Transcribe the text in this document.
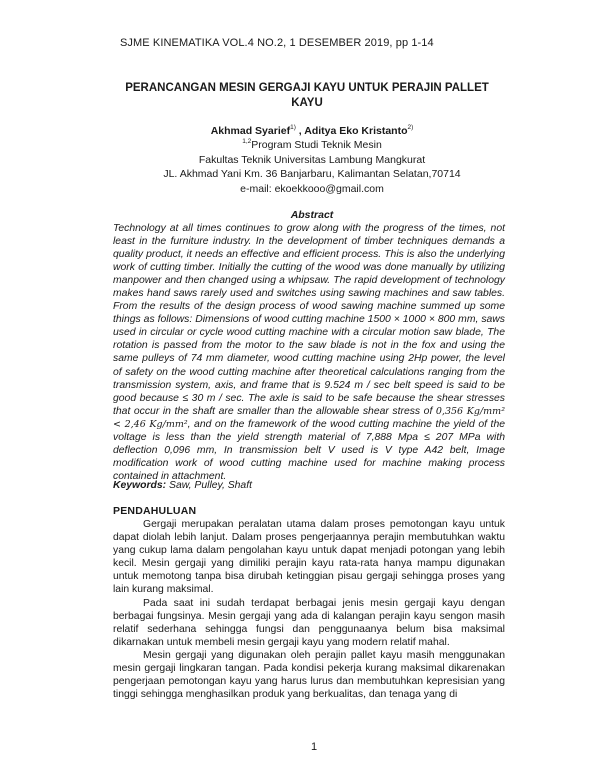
SJME KINEMATIKA VOL.4 NO.2, 1 DESEMBER 2019, pp 1-14
PERANCANGAN MESIN GERGAJI KAYU UNTUK PERAJIN PALLET KAYU
Akhmad Syarief$^{1)}$ , Aditya Eko Kristanto$^{2)}$
$^{1,2}$Program Studi Teknik Mesin
Fakultas Teknik Universitas Lambung Mangkurat
JL. Akhmad Yani Km. 36 Banjarbaru, Kalimantan Selatan,70714
e-mail: ekoekkooo@gmail.com
Abstract

Technology at all times continues to grow along with the progress of the times, not least in the furniture industry. In the development of timber techniques demands a quality product, it needs an effective and efficient process. This is also the underlying work of cutting timber. Initially the cutting of the wood was done manually by utilizing manpower and then changed using a whipsaw. The rapid development of technology makes hand saws rarely used and switches using sawing machines and saw tables. From the results of the design process of wood sawing machine summed up some things as follows: Dimensions of wood cutting machine 1500 × 1000 × 800 mm, saws used in circular or cycle wood cutting machine with a circular motion saw blade, The rotation is passed from the motor to the saw blade is not in the fox and using the same pulleys of 74 mm diameter, wood cutting machine using 2Hp power, the level of safety on the wood cutting machine after theoretical calculations ranging from the transmission system, axis, and frame that is 9.524 m / sec belt speed is said to be good because ≤ 30 m / sec. The axle is said to be safe because the shear stresses that occur in the shaft are smaller than the allowable shear stress of 0,356 Kg/mm² < 2,46 Kg/mm², and on the framework of the wood cutting machine the yield of the voltage is less than the yield strength material of 7,888 Mpa ≤ 207 MPa with deflection 0,096 mm, In transmission belt V used is V type A42 belt, Image modification work of wood cutting machine used for machine making process contained in attachment.

Keywords: Saw, Pulley, Shaft
PENDAHULUAN

Gergaji merupakan peralatan utama dalam proses pemotongan kayu untuk dapat diolah lebih lanjut. Dalam proses pengerjaannya perajin membutuhkan waktu yang cukup lama dalam pengolahan kayu untuk dapat menjadi potongan yang lebih kecil. Mesin gergaji yang dimiliki perajin kayu rata-rata hanya mampu digunakan untuk memotong tanpa bisa dirubah ketinggian pisau gergaji sehingga proses yang lain kurang maksimal.

Pada saat ini sudah terdapat berbagai jenis mesin gergaji kayu dengan berbagai fungsinya. Mesin gergaji yang ada di kalangan perajin kayu sengon masih relatif sederhana sehingga fungsi dan penggunaanya belum bisa maksimal dikarnakan untuk membeli mesin gergaji kayu yang modern relatif mahal.

Mesin gergaji yang digunakan oleh perajin pallet kayu masih menggunakan mesin gergaji lingkaran tangan. Pada kondisi pekerja kurang maksimal dikarenakan pengerjaan pemotongan kayu yang harus lurus dan membutuhkan kepresisian yang tinggi sehingga menghasilkan produk yang berkualitas, dan tenaga yang di

1
